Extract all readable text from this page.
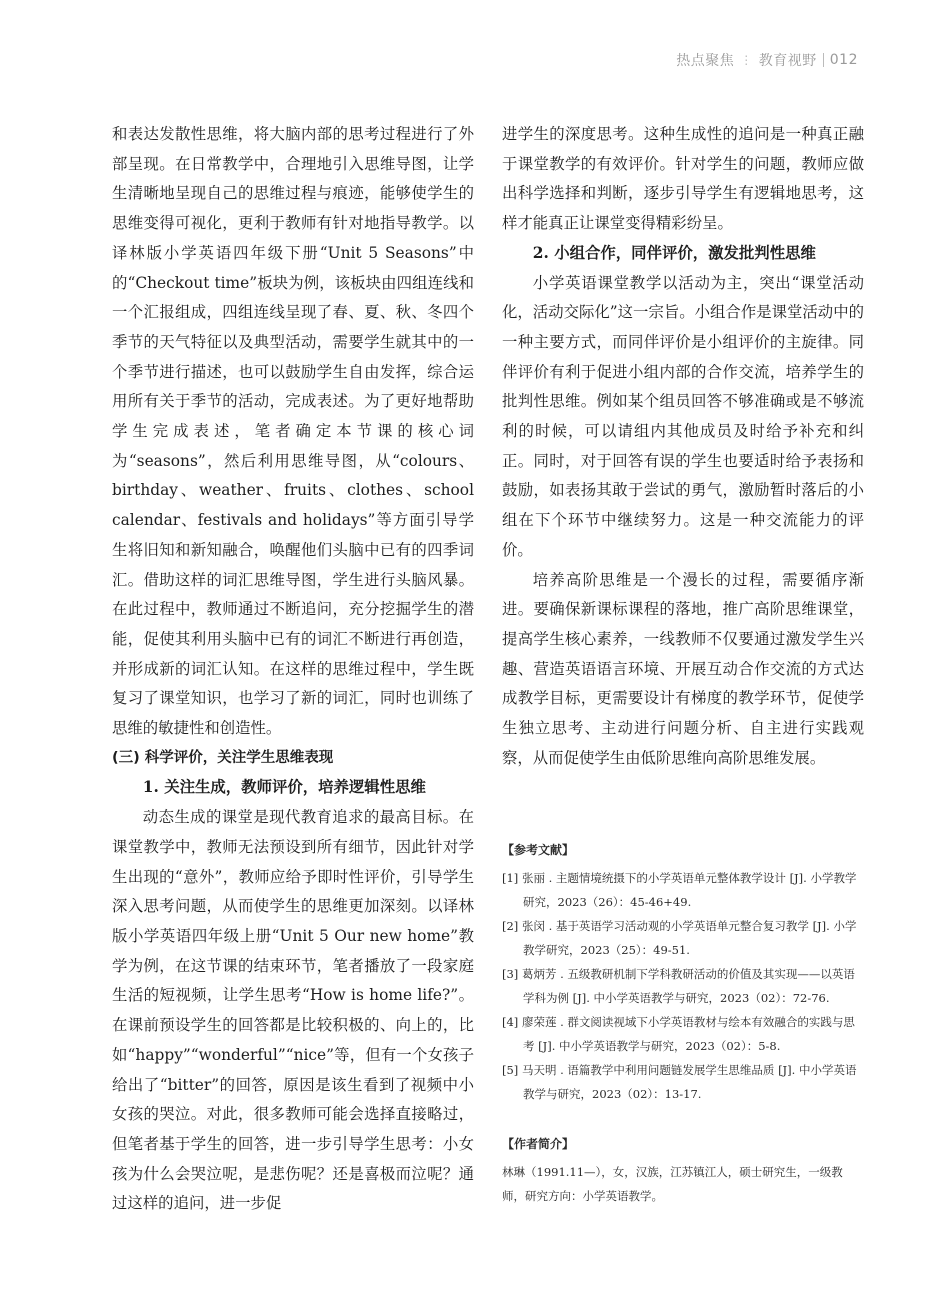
热点聚焦 ⋮ 教育视野 012

和表达发散性思维，将大脑内部的思考过程进行了外部呈现。在日常教学中，合理地引入思维导图，让学生清晰地呈现自己的思维过程与痕迹，能够使学生的思维变得可视化，更利于教师有针对地指导教学。以译林版小学英语四年级下册“Unit 5 Seasons”中的“Checkout time”板块为例，该板块由四组连线和一个汇报组成，四组连线呈现了春、夏、秋、冬四个季节的天气特征以及典型活动，需要学生就其中的一个季节进行描述，也可以鼓励学生自由发挥，综合运用所有关于季节的活动，完成表述。为了更好地帮助学生完成表述，笔者确定本节课的核心词为“seasons”，然后利用思维导图，从“colours、birthday、weather、fruits、clothes、school calendar、festivals and holidays”等方面引导学生将旧知和新知融合，唤醒他们头脑中已有的四季词汇。借助这样的词汇思维导图，学生进行头脑风暴。在此过程中，教师通过不断追问，充分挖掘学生的潜能，促使其利用头脑中已有的词汇不断进行再创造，并形成新的词汇认知。在这样的思维过程中，学生既复习了课堂知识，也学习了新的词汇，同时也训练了思维的敏捷性和创造性。

(三) 科学评价，关注学生思维表现

1. 关注生成，教师评价，培养逻辑性思维

动态生成的课堂是现代教育追求的最高目标。在课堂教学中，教师无法预设到所有细节，因此针对学生出现的“意外”，教师应给予即时性评价，引导学生深入思考问题，从而使学生的思维更加深刻。以译林版小学英语四年级上册“Unit 5 Our new home”教学为例，在这节课的结束环节，笔者播放了一段家庭生活的短视频，让学生思考“How is home life?”。在课前预设学生的回答都是比较积极的、向上的，比如“happy”“wonderful”“nice”等，但有一个女孩子给出了“bitter”的回答，原因是该生看到了视频中小女孩的哭泣。对此，很多教师可能会选择直接略过，但笔者基于学生的回答，进一步引导学生思考：小女孩为什么会哭泣呢，是悲伤呢？还是喜极而泣呢？通过这样的追问，进一步促

进学生的深度思考。这种生成性的追问是一种真正融于课堂教学的有效评价。针对学生的问题，教师应做出科学选择和判断，逐步引导学生有逻辑地思考，这样才能真正让课堂变得精彩纷呈。

2. 小组合作，同伴评价，激发批判性思维

小学英语课堂教学以活动为主，突出“课堂活动化，活动交际化”这一宗旨。小组合作是课堂活动中的一种主要方式，而同伴评价是小组评价的主旋律。同伴评价有利于促进小组内部的合作交流，培养学生的批判性思维。例如某个组员回答不够准确或是不够流利的时候，可以请组内其他成员及时给予补充和纠正。同时，对于回答有误的学生也要适时给予表扬和鼓励，如表扬其敢于尝试的勇气，激励暂时落后的小组在下个环节中继续努力。这是一种交流能力的评价。

培养高阶思维是一个漫长的过程，需要循序渐进。要确保新课标课程的落地，推广高阶思维课堂，提高学生核心素养，一线教师不仅要通过激发学生兴趣、营造英语语言环境、开展互动合作交流的方式达成教学目标，更需要设计有梯度的教学环节，促使学生独立思考、主动进行问题分析、自主进行实践观察，从而促使学生由低阶思维向高阶思维发展。

【参考文献】

[1] 张丽 . 主题情境统摄下的小学英语单元整体教学设计 [J]. 小学教学研究，2023（26）：45-46+49.

[2] 张闵 . 基于英语学习活动观的小学英语单元整合复习教学 [J]. 小学教学研究，2023（25）：49-51.

[3] 葛炳芳 . 五级教研机制下学科教研活动的价值及其实现——以英语学科为例 [J]. 中小学英语教学与研究，2023（02）：72-76.

[4] 廖荣莲 . 群文阅读视域下小学英语教材与绘本有效融合的实践与思考 [J]. 中小学英语教学与研究，2023（02）：5-8.

[5] 马天明 . 语篇教学中利用问题链发展学生思维品质 [J]. 中小学英语教学与研究，2023（02）：13-17.

【作者简介】

林琳（1991.11—），女，汉族，江苏镇江人，硕士研究生，一级教师，研究方向：小学英语教学。
